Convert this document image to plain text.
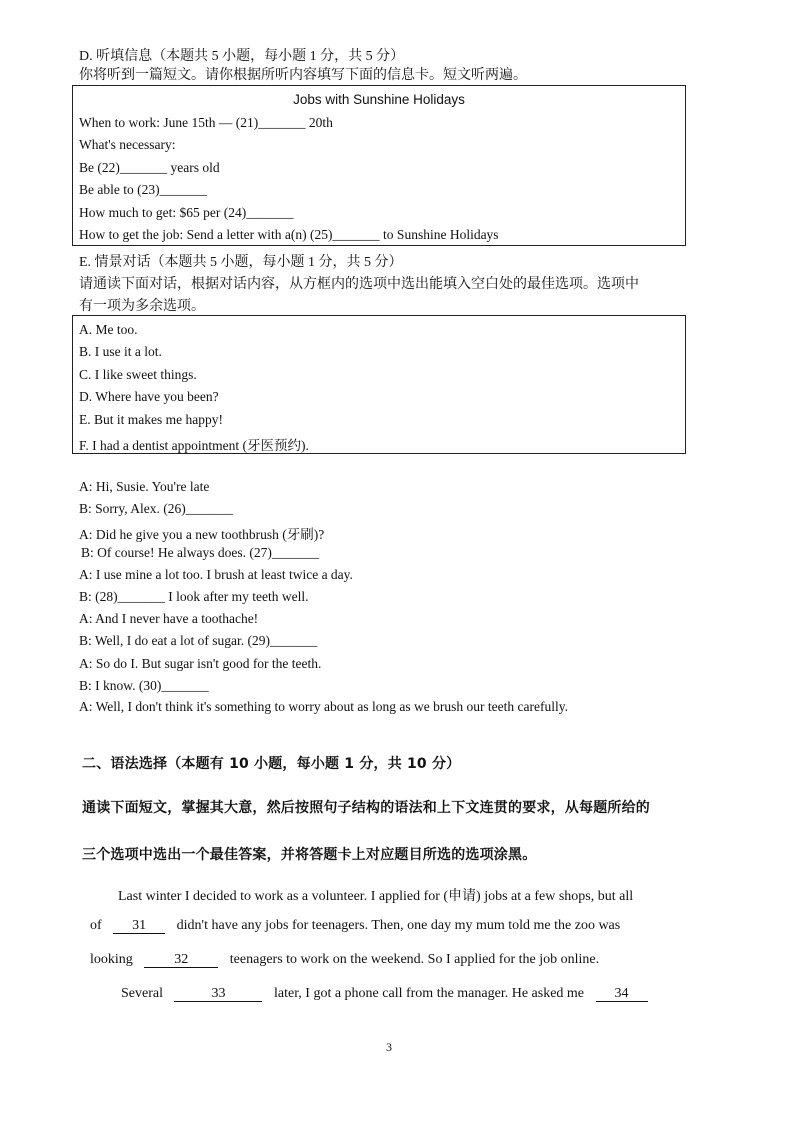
D. 听填信息（本题共 5 小题，每小题 1 分，共 5 分）
你将听到一篇短文。请你根据所听内容填写下面的信息卡。短文听两遍。
Jobs with Sunshine Holidays
When to work: June 15th — (21)_______ 20th
What's necessary:
Be (22)_______ years old
Be able to (23)_______
How much to get: $65 per (24)_______
How to get the job: Send a letter with a(n) (25)_______ to Sunshine Holidays
E. 情景对话（本题共 5 小题，每小题 1 分，共 5 分）
请通读下面对话，根据对话内容，从方框内的选项中选出能填入空白处的最佳选项。选项中
有一项为多余选项。
A. Me too.
B. I use it a lot.
C. I like sweet things.
D. Where have you been?
E. But it makes me happy!
F. I had a dentist appointment (牙医预约).
A: Hi, Susie. You're late
B: Sorry, Alex. (26)_______
A: Did he give you a new toothbrush (牙刷)?
B: Of course! He always does. (27)_______
A: I use mine a lot too. I brush at least twice a day.
B: (28)_______ I look after my teeth well.
A: And I never have a toothache!
B: Well, I do eat a lot of sugar. (29)_______
A: So do I. But sugar isn't good for the teeth.
B: I know. (30)_______
A: Well, I don't think it's something to worry about as long as we brush our teeth carefully.
二、语法选择（本题有 10 小题，每小题 1 分，共 10 分）
通读下面短文，掌握其大意，然后按照句子结构的语法和上下文连贯的要求，从每题所给的
三个选项中选出一个最佳答案，并将答题卡上对应题目所选的选项涂黑。
Last winter I decided to work as a volunteer. I applied for (申请) jobs at a few shops, but all
of 31 didn't have any jobs for teenagers. Then, one day my mum told me the zoo was
looking	32	teenagers to work on the weekend. So I applied for the job online.
Several	33	later, I got a phone call from the manager. He asked me 34
3
